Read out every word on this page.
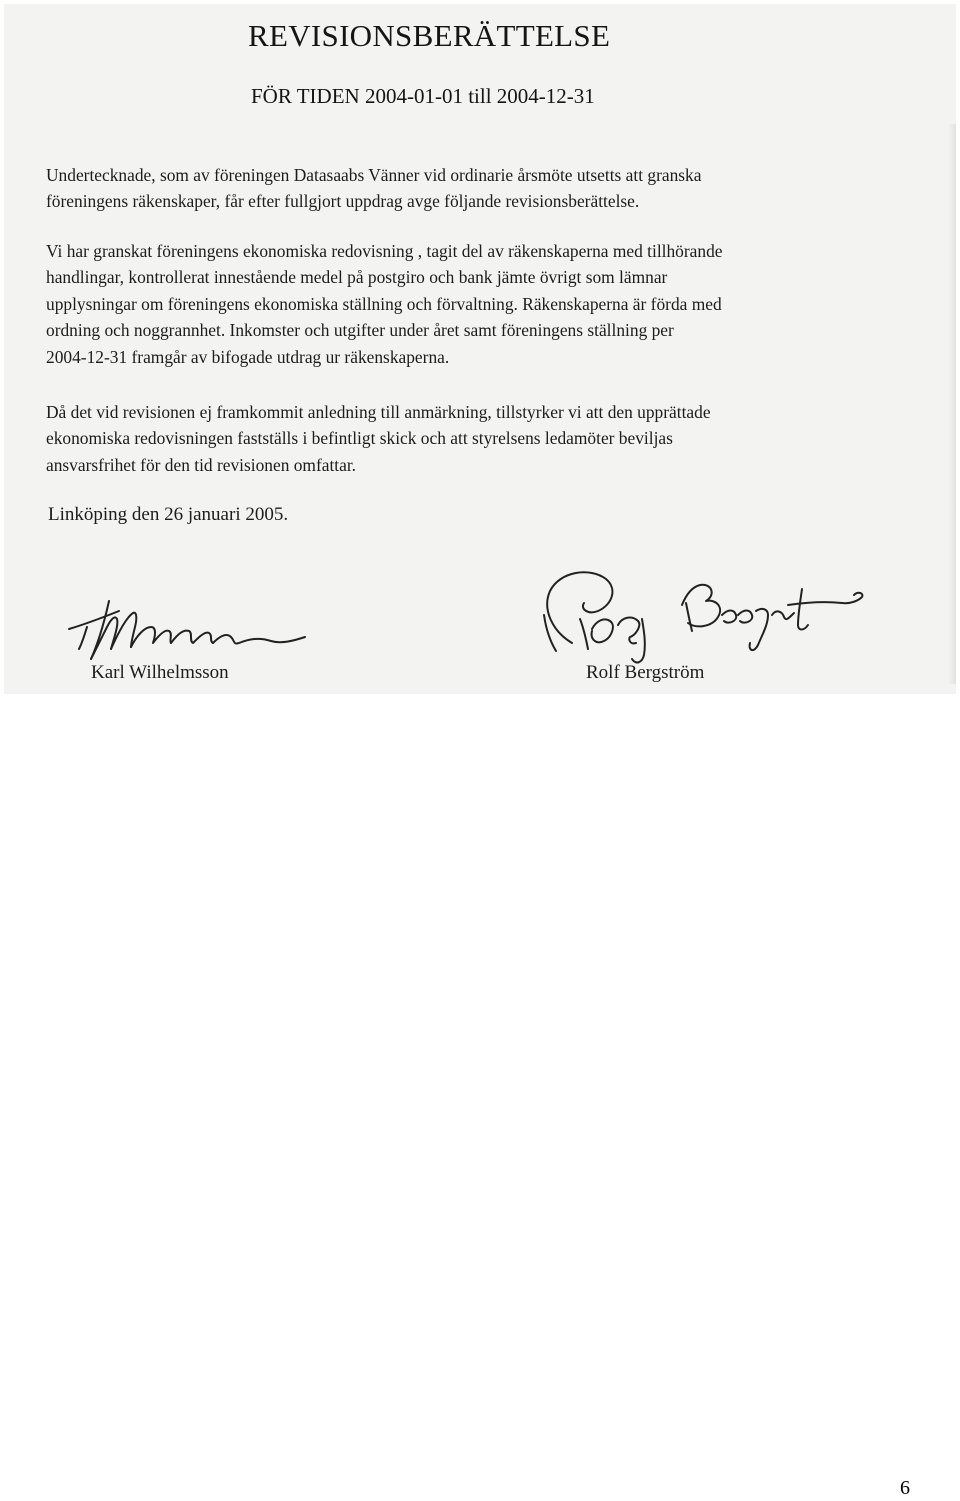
REVISIONSBERÄTTELSE
FÖR TIDEN 2004-01-01 till 2004-12-31

Undertecknade, som av föreningen Datasaabs Vänner vid ordinarie årsmöte utsetts att granska
föreningens räkenskaper, får efter fullgjort uppdrag avge följande revisionsberättelse.

Vi har granskat föreningens ekonomiska redovisning , tagit del av räkenskaperna med tillhörande
handlingar, kontrollerat innestående medel på postgiro och bank jämte övrigt som lämnar
upplysningar om föreningens ekonomiska ställning och förvaltning. Räkenskaperna är förda med
ordning och noggrannhet. Inkomster och utgifter under året samt föreningens ställning per
2004-12-31 framgår av bifogade utdrag ur räkenskaperna.

Då det vid revisionen ej framkommit anledning till anmärkning, tillstyrker vi att den upprättade
ekonomiska redovisningen fastställs i befintligt skick och att styrelsens ledamöter beviljas
ansvarsfrihet för den tid revisionen omfattar.

Linköping den 26 januari 2005.
Karl Wilhelmsson	Rolf Bergström
6
